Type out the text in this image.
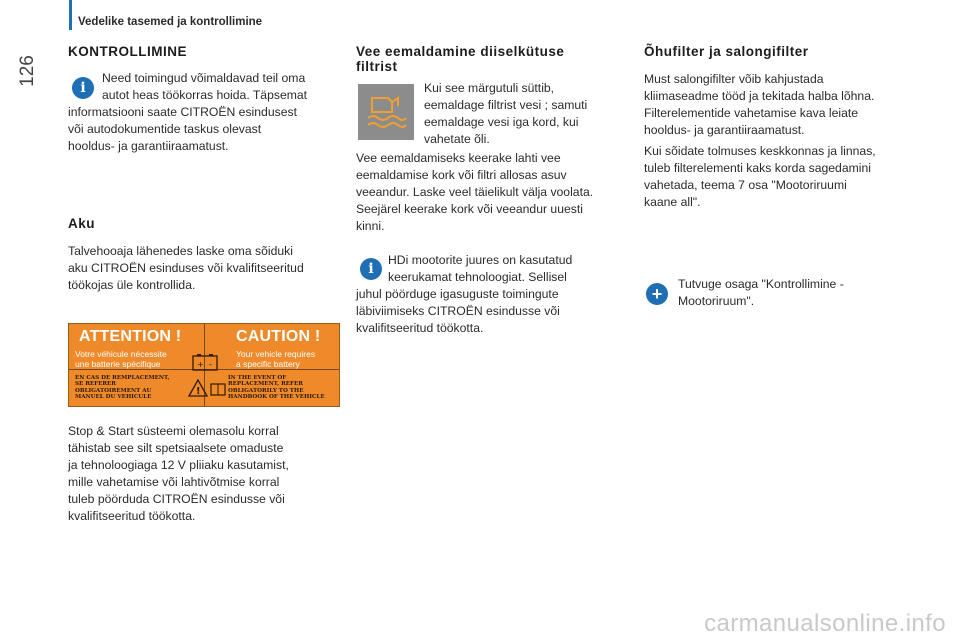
Vedelike tasemed ja kontrollimine
126
KONTROLLIMINE
i

Need toimingud võimaldavad teil oma

autot heas töökorras hoida. Täpsemat

informatsiooni saate CITROËN esindusest

või autodokumentide taskus olevast

hooldus- ja garantiiraamatust.

Aku

Talvehooaja lähenedes laske oma sõiduki

aku CITROËN esinduses või kvalifitseeritud

töökojas üle kontrollida.

ATTENTION !
Votre véhicule nécessite
une batterie spécifique
EN CAS DE REMPLACEMENT,
SE REFERER
OBLIGATOIREMENT AU
MANUEL DU VEHICULE
CAUTION !
Your vehicle requires
a specific battery
IN THE EVENT OF
REPLACEMENT, REFER
OBLIGATORILY TO THE
HANDBOOK OF THE VEHICLE
+ -
!

Stop & Start süsteemi olemasolu korral

tähistab see silt spetsiaalsete omaduste

ja tehnoloogiaga 12 V pliiaku kasutamist,

mille vahetamise või lahtivõtmise korral

tuleb pöörduda CITROËN esindusse või

kvalifitseeritud töökotta.

Vee eemaldamine diiselkütuse
filtrist

Kui see märgutuli süttib,

eemaldage filtrist vesi ; samuti

eemaldage vesi iga kord, kui

vahetate õli.

Vee eemaldamiseks keerake lahti vee

eemaldamise kork või filtri allosas asuv

veeandur. Laske veel täielikult välja voolata.

Seejärel keerake kork või veeandur uuesti

kinni.

i

HDi mootorite juures on kasutatud

keerukamat tehnoloogiat. Sellisel

juhul pöörduge igasuguste toimingute

läbiviimiseks CITROËN esindusse või

kvalifitseeritud töökotta.

Õhufilter ja salongifilter

Must salongifilter võib kahjustada

kliimaseadme tööd ja tekitada halba lõhna.

Filterelementide vahetamise kava leiate

hooldus- ja garantiiraamatust.

Kui sõidate tolmuses keskkonnas ja linnas,

tuleb filterelementi kaks korda sagedamini

vahetada, teema 7 osa "Mootoriruumi

kaane all".

+ Tutvuge osaga "Kontrollimine -

Mootoriruum".

carmanualsonline.info
